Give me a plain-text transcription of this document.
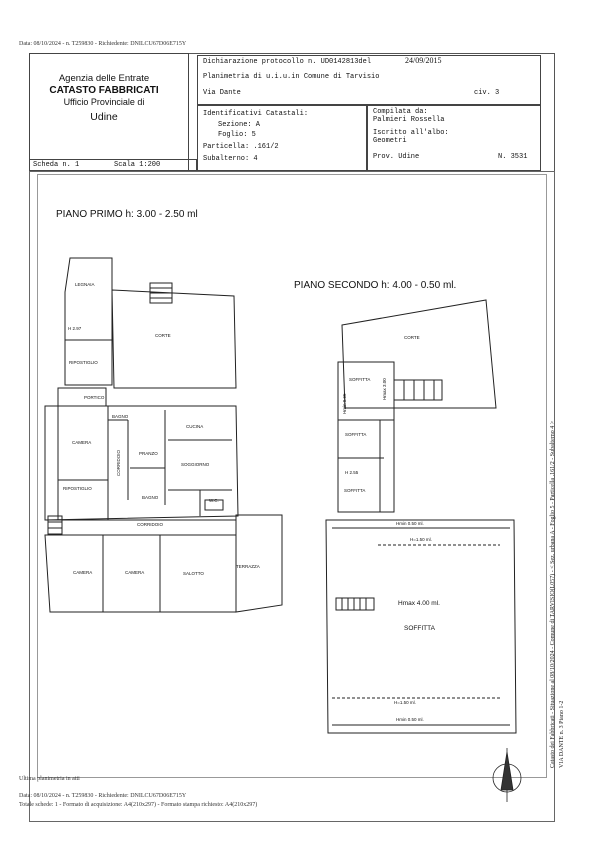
Data: 08/10/2024 - n. T259830 - Richiedente: DNILCU67D06E715Y
Agenzia delle Entrate
CATASTO FABBRICATI
Ufficio Provinciale di
Udine
Dichiarazione protocollo n. UD0142813del	24/09/2015
Planimetria di u.i.u.in Comune di Tarvisio
Via Dante	civ. 3
Identificativi Catastali:
Sezione: A
Foglio: 5
Particella: .161/2
Subalterno: 4
Compilata da:
Palmieri Rossella
Iscritto all'albo:
Geometri
Prov. Udine	N. 3531
Scheda n. 1	Scala 1:200
PIANO PRIMO h: 3.00 - 2.50 ml
PIANO SECONDO h: 4.00 - 0.50 ml.
LEGNAIA
H 2.97
RIPOSTIGLIO
CORTE
PORTICO
BAGNO
CAMERA
CORRIDOIO	PRANZO
CUCINA
SOGGIORNO
RIPOSTIGLIO
BAGNO
W.C.
CORRIDOIO
CAMERA	CAMERA	SALOTTO
TERRAZZA
CORTE
SOFFITTA
Hmin 0.65
Hmax 3.00
SOFFITTA
H 2.55
SOFFITTA
Hmin 0.50 ml.
H=1.50 ml.
Hmax 4.00 ml.
SOFFITTA
H=1.50 ml.
Hmin 0.50 ml.	Catasto dei Fabbricati - Situazione al 08/10/2024 - Comune di TARVISIO(L057) - < Sez. urbana A - Foglio 5 - Particella .161/2 - Subalterno 4 > VIA DANTE n. 3 Piano 1-2
Ultima planimetria in atti
Data: 08/10/2024 - n. T259830 - Richiedente: DNILCU67D06E715Y
Totale schede: 1 - Formato di acquisizione: A4(210x297) - Formato stampa richiesto: A4(210x297)
